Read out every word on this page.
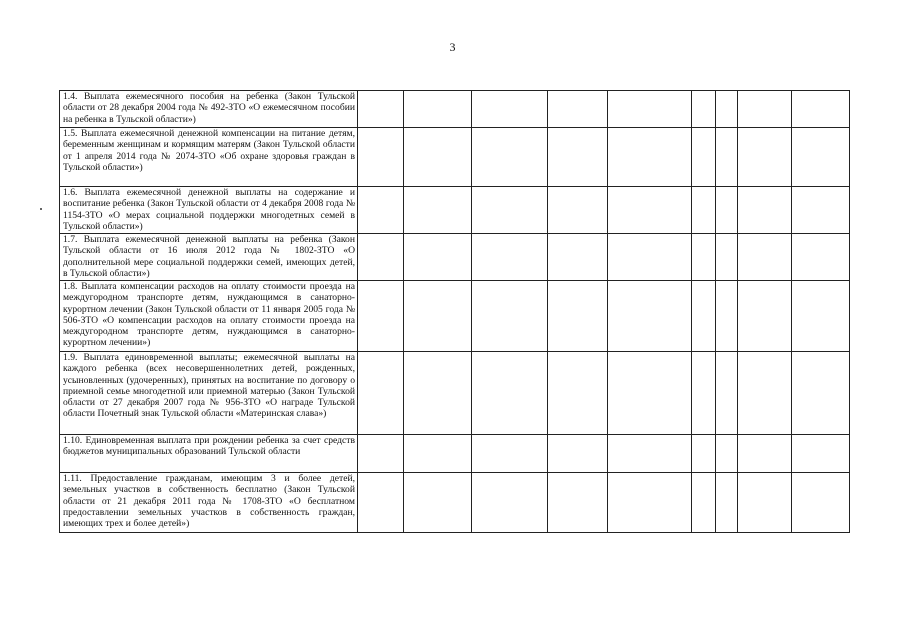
3
1.4. Выплата ежемесячного пособия на ребенка (Закон Тульской области от 28 декабря 2004 года № 492-ЗТО «О ежемесячном пособии на ребенка в Тульской области»)									

1.5. Выплата ежемесячной денежной компенсации на питание детям, беременным женщинам и кормящим матерям (Закон Тульской области от 1 апреля 2014 года № 2074-ЗТО «Об охране здоровья граждан в Тульской области»)									

1.6. Выплата ежемесячной денежной выплаты на содержание и воспитание ребенка (Закон Тульской области от 4 декабря 2008 года № 1154-ЗТО «О мерах социальной поддержки многодетных семей в Тульской области»)									

1.7. Выплата ежемесячной денежной выплаты на ребенка (Закон Тульской области от 16 июля 2012 года № 1802-ЗТО «О дополнительной мере социальной поддержки семей, имеющих детей, в Тульской области»)									

1.8. Выплата компенсации расходов на оплату стоимости проезда на междугородном транспорте детям, нуждающимся в санаторно-курортном лечении (Закон Тульской области от 11 января 2005 года № 506-ЗТО «О компенсации расходов на оплату стоимости проезда на междугородном транспорте детям, нуждающимся в санаторно-курортном лечении»)									

1.9. Выплата единовременной выплаты; ежемесячной выплаты на каждого ребенка (всех несовершеннолетних детей, рожденных, усыновленных (удочеренных), принятых на воспитание по договору о приемной семье многодетной или приемной матерью (Закон Тульской области от 27 декабря 2007 года № 956-ЗТО «О награде Тульской области Почетный знак Тульской области «Материнская слава»)									

1.10. Единовременная выплата при рождении ребенка за счет средств бюджетов муниципальных образований Тульской области									

1.11. Предоставление гражданам, имеющим 3 и более детей, земельных участков в собственность бесплатно (Закон Тульской области от 21 декабря 2011 года № 1708-ЗТО «О бесплатном предоставлении земельных участков в собственность граждан, имеющих трех и более детей»)									
